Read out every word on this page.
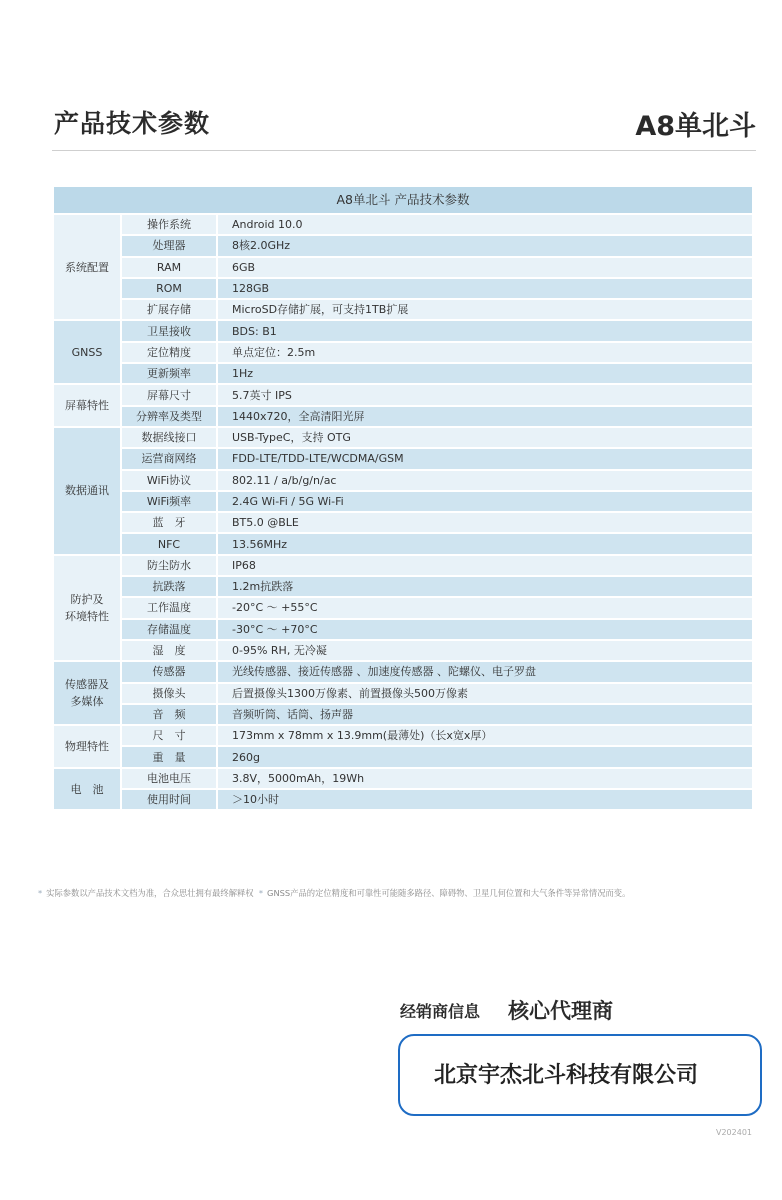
产品技术参数	A8单北斗
A8单北斗 产品技术参数		
系统配置	操作系统	Android 10.0
	处理器	8核2.0GHz
	RAM	6GB
	ROM	128GB
	扩展存储	MicroSD存储扩展，可支持1TB扩展
GNSS	卫星接收	BDS: B1
	定位精度	单点定位：2.5m
	更新频率	1Hz
屏幕特性	屏幕尺寸	5.7英寸 IPS
	分辨率及类型	1440x720，全高清阳光屏
数据通讯	数据线接口	USB-TypeC，支持 OTG
	运营商网络	FDD-LTE/TDD-LTE/WCDMA/GSM
	WiFi协议	802.11 / a/b/g/n/ac
	WiFi频率	2.4G Wi-Fi / 5G Wi-Fi
	蓝　牙	BT5.0 @BLE
	NFC	13.56MHz
防护及
环境特性	防尘防水	IP68
	抗跌落	1.2m抗跌落
	工作温度	-20°C ～ +55°C
	存储温度	-30°C ～ +70°C
	湿　度	0-95% RH, 无冷凝
传感器及
多媒体	传感器	光线传感器、接近传感器 、加速度传感器 、陀螺仪、电子罗盘
	摄像头	后置摄像头1300万像素、前置摄像头500万像素
	音　频	音频听筒、话筒、扬声器
物理特性	尺　寸	173mm x 78mm x 13.9mm(最薄处)（长x宽x厚）
	重　量	260g
电　池	电池电压	3.8V，5000mAh，19Wh
	使用时间	＞10小时
* 实际参数以产品技术文档为准，合众思壮拥有最终解释权 * GNSS产品的定位精度和可靠性可能随多路径、障碍物、卫星几何位置和大气条件等异常情况而变。
经销商信息 核心代理商
北京宇杰北斗科技有限公司
V202401
